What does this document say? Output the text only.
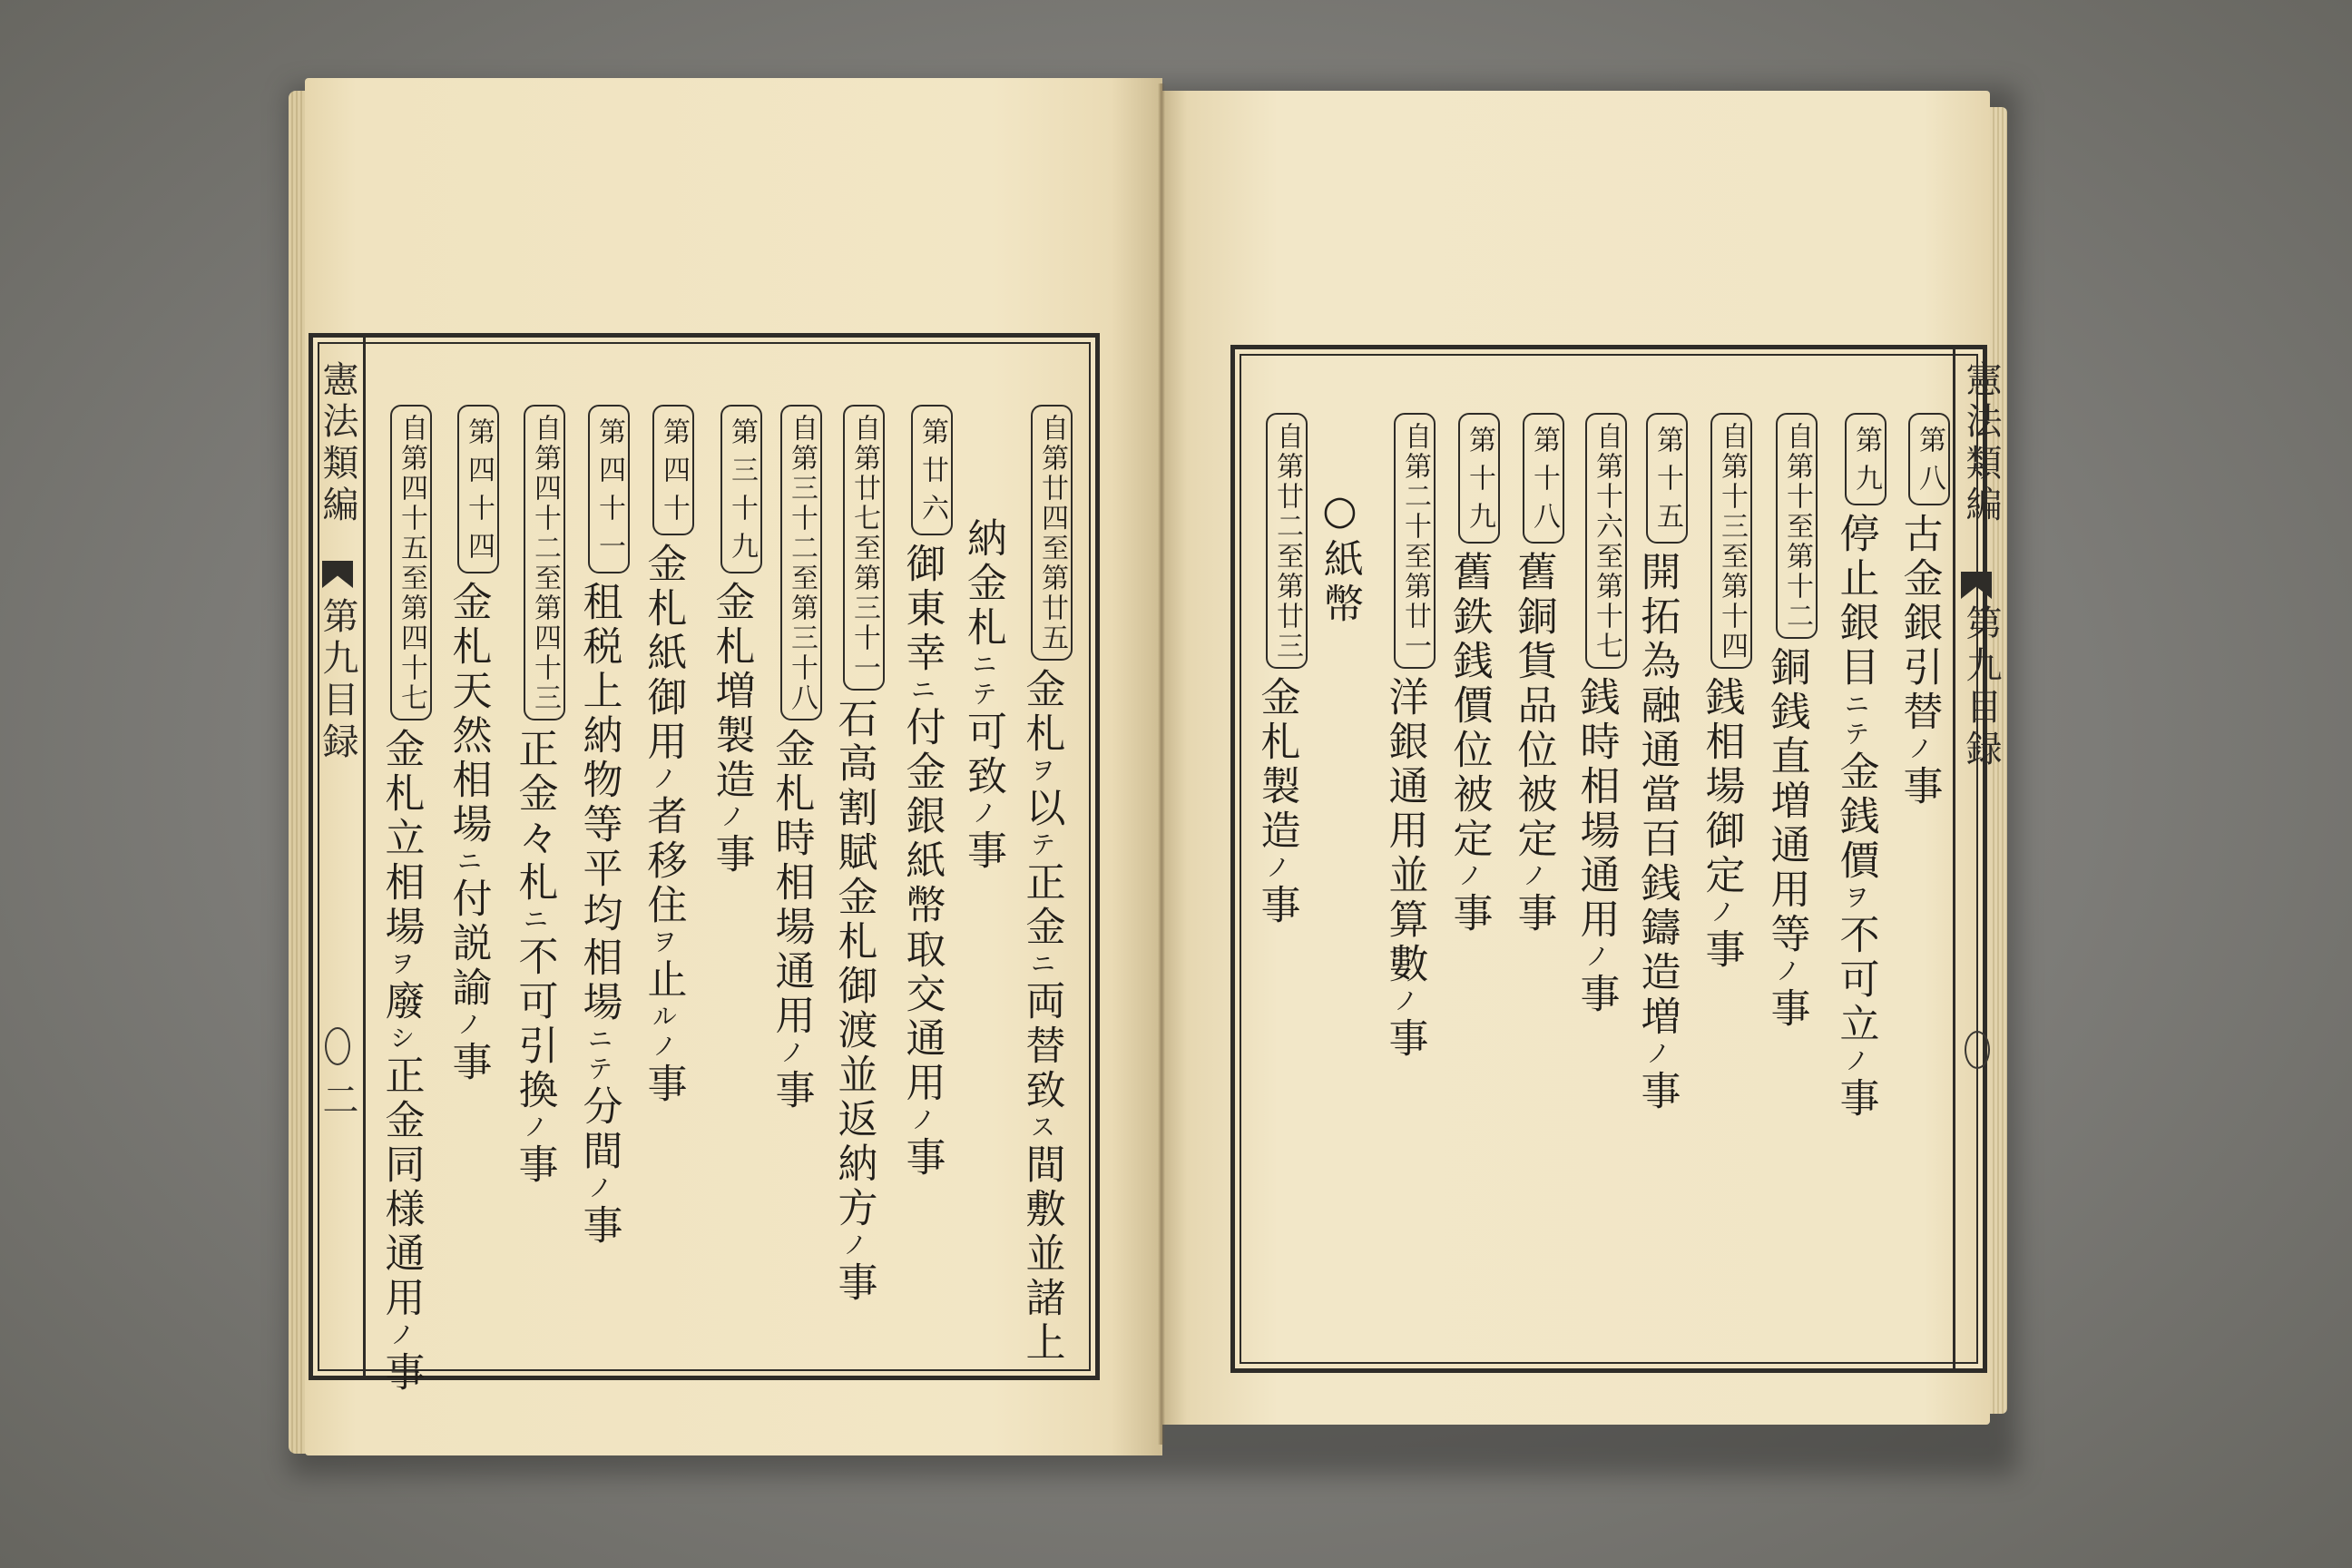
憲法類編
第九目録
二
自第廿四至第廿五金札ヲ以テ正金ニ両替致ス間敷並諸上
納金札ニテ可致ノ事
第廿六御東幸ニ付金銀紙幣取交通用ノ事
自第廿七至第三十一石高割賦金札御渡並返納方ノ事
自第三十二至第三十八金札時相場通用ノ事
第三十九金札増製造ノ事
第四十金札紙御用ノ者移住ヲ止ルノ事
第四十一租税上納物等平均相場ニテ分間ノ事
自第四十二至第四十三正金々札ニ不可引換ノ事
第四十四金札天然相場ニ付説諭ノ事
自第四十五至第四十七金札立相場ヲ廢シ正金同様通用ノ事
憲法類編
第九目録
第八古金銀引替ノ事
第九停止銀目ニテ金銭價ヲ不可立ノ事
自第十至第十二銅銭直増通用等ノ事
自第十三至第十四銭相場御定ノ事
第十五開拓為融通當百銭鑄造増ノ事
自第十六至第十七銭時相場通用ノ事
第十八舊銅貨品位被定ノ事
第十九舊鉄銭價位被定ノ事
自第二十至第廿一洋銀通用並算數ノ事
○紙幣
自第廿二至第廿三金札製造ノ事
